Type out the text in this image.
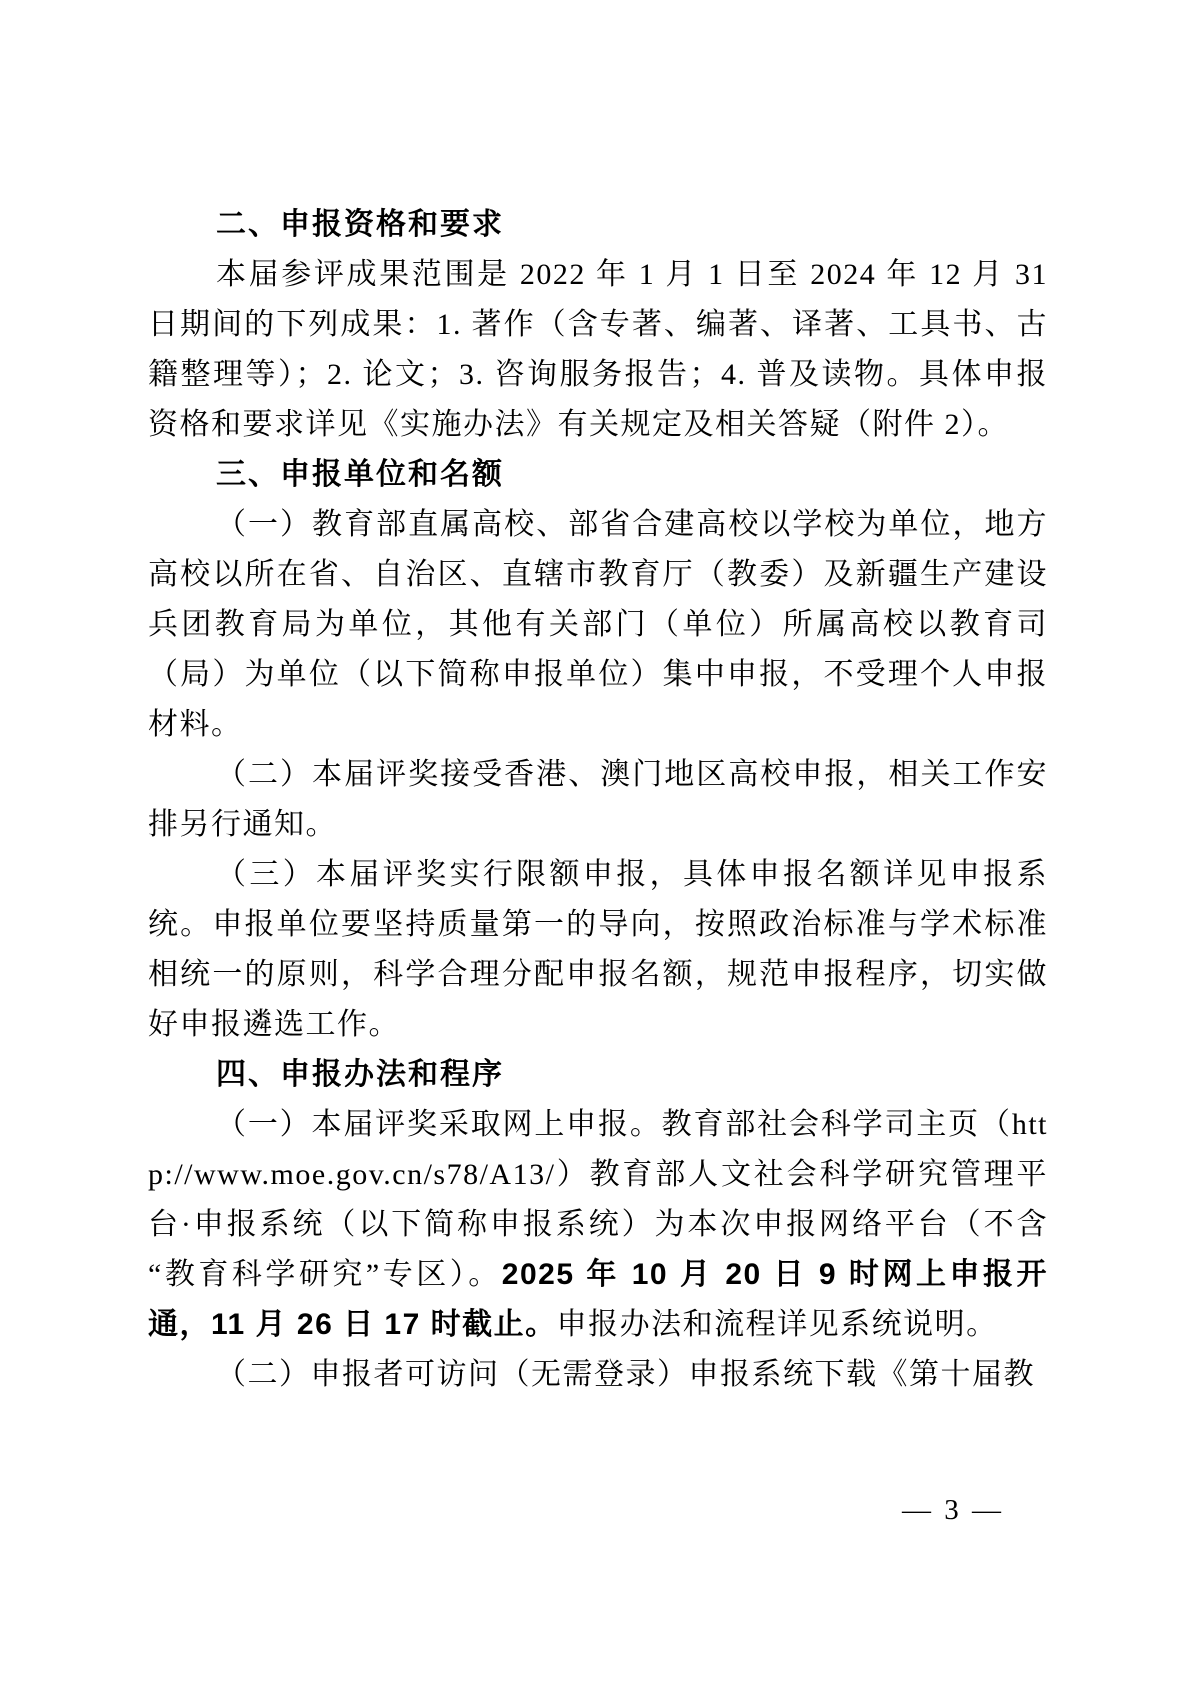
二、申报资格和要求

本届参评成果范围是 2022 年 1 月 1 日至 2024 年 12 月 31 日期间的下列成果：1. 著作（含专著、编著、译著、工具书、古籍整理等）；2. 论文；3. 咨询服务报告；4. 普及读物。具体申报资格和要求详见《实施办法》有关规定及相关答疑（附件 2）。

三、申报单位和名额

（一）教育部直属高校、部省合建高校以学校为单位，地方高校以所在省、自治区、直辖市教育厅（教委）及新疆生产建设兵团教育局为单位，其他有关部门（单位）所属高校以教育司（局）为单位（以下简称申报单位）集中申报，不受理个人申报材料。

（二）本届评奖接受香港、澳门地区高校申报，相关工作安排另行通知。

（三）本届评奖实行限额申报，具体申报名额详见申报系统。申报单位要坚持质量第一的导向，按照政治标准与学术标准相统一的原则，科学合理分配申报名额，规范申报程序，切实做好申报遴选工作。

四、申报办法和程序

（一）本届评奖采取网上申报。教育部社会科学司主页（http://www.moe.gov.cn/s78/A13/）教育部人文社会科学研究管理平台·申报系统（以下简称申报系统）为本次申报网络平台（不含“教育科学研究”专区）。2025 年 10 月 20 日 9 时网上申报开通，11 月 26 日 17 时截止。申报办法和流程详见系统说明。

（二）申报者可访问（无需登录）申报系统下载《第十届教

— 3 —
